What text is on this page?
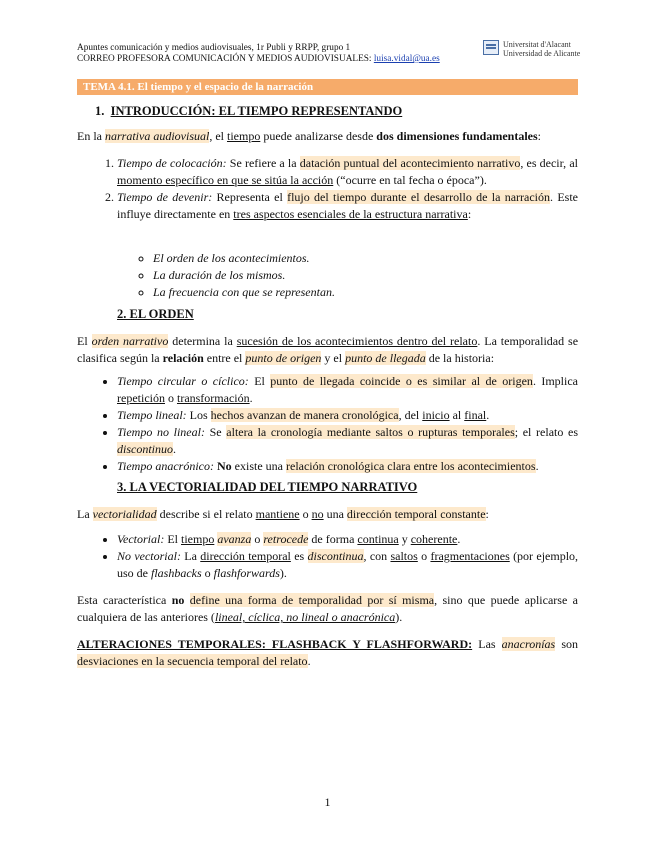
Apuntes comunicación y medios audiovisuales, 1r Publi y RRPP, grupo 1
CORREO PROFESORA COMUNICACIÓN Y MEDIOS AUDIOVISUALES: luisa.vidal@ua.es
Universitat d'Alacant
Universidad de Alicante
TEMA 4.1. El tiempo y el espacio de la narración
1. INTRODUCCIÓN: EL TIEMPO REPRESENTANDO

En la narrativa audiovisual, el tiempo puede analizarse desde dos dimensiones fundamentales:

1. Tiempo de colocación: Se refiere a la datación puntual del acontecimiento narrativo, es decir, al momento específico en que se sitúa la acción (“ocurre en tal fecha o época”).
2. Tiempo de devenir: Representa el flujo del tiempo durante el desarrollo de la narración. Este influye directamente en tres aspectos esenciales de la estructura narrativa:
◦ El orden de los acontecimientos.
◦ La duración de los mismos.
◦ La frecuencia con que se representan.
2. EL ORDEN

El orden narrativo determina la sucesión de los acontecimientos dentro del relato. La temporalidad se clasifica según la relación entre el punto de origen y el punto de llegada de la historia:

• Tiempo circular o cíclico: El punto de llegada coincide o es similar al de origen. Implica repetición o transformación.
• Tiempo lineal: Los hechos avanzan de manera cronológica, del inicio al final.
• Tiempo no lineal: Se altera la cronología mediante saltos o rupturas temporales; el relato es discontinuo.
• Tiempo anacrónico: No existe una relación cronológica clara entre los acontecimientos.
3. LA VECTORIALIDAD DEL TIEMPO NARRATIVO

La vectorialidad describe si el relato mantiene o no una dirección temporal constante:

• Vectorial: El tiempo avanza o retrocede de forma continua y coherente.
• No vectorial: La dirección temporal es discontinua, con saltos o fragmentaciones (por ejemplo, uso de flashbacks o flashforwards).

Esta característica no define una forma de temporalidad por sí misma, sino que puede aplicarse a cualquiera de las anteriores (lineal, cíclica, no lineal o anacrónica).

ALTERACIONES TEMPORALES: FLASHBACK Y FLASHFORWARD: Las anacronías son desviaciones en la secuencia temporal del relato.

1
